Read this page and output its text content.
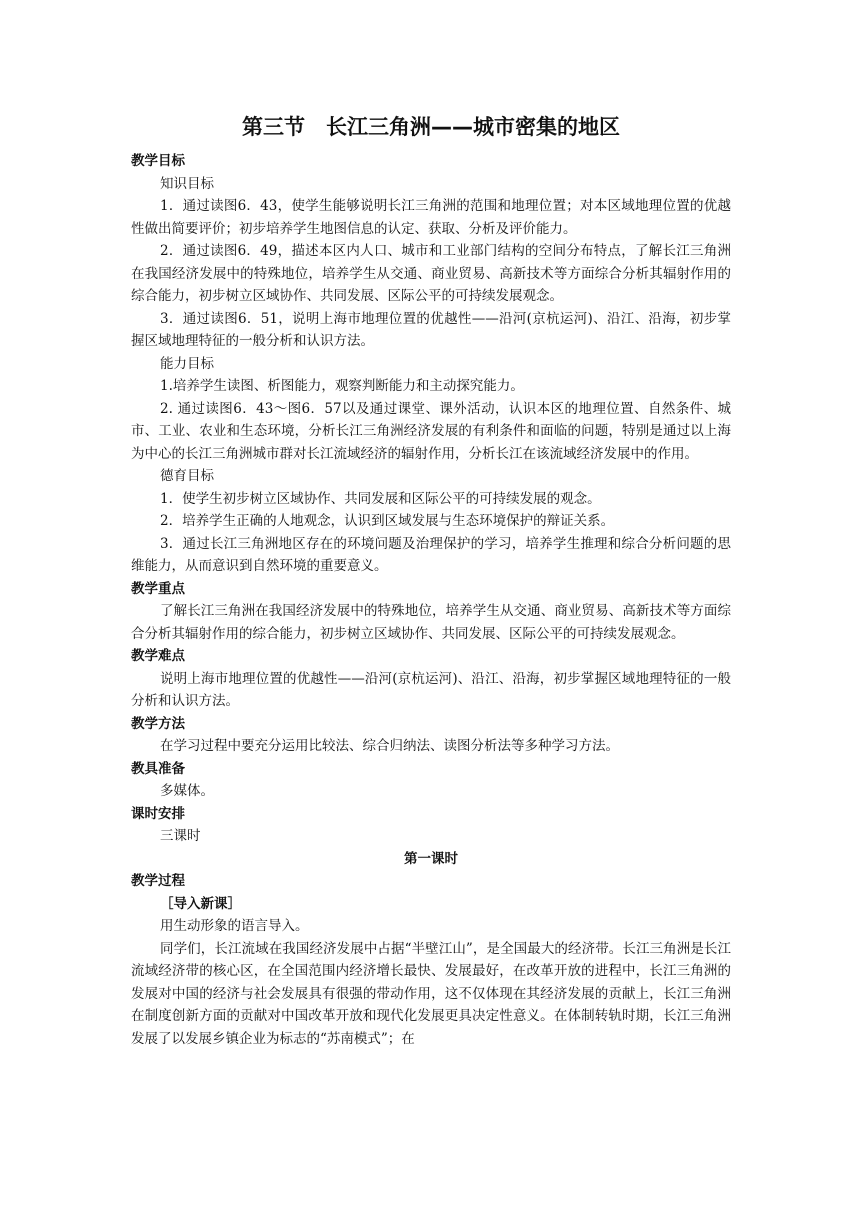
第三节　长江三角洲——城市密集的地区

教学目标

知识目标

1．通过读图6．43，使学生能够说明长江三角洲的范围和地理位置；对本区域地理位置的优越性做出简要评价；初步培养学生地图信息的认定、获取、分析及评价能力。

2．通过读图6．49，描述本区内人口、城市和工业部门结构的空间分布特点，了解长江三角洲在我国经济发展中的特殊地位，培养学生从交通、商业贸易、高新技术等方面综合分析其辐射作用的综合能力，初步树立区域协作、共同发展、区际公平的可持续发展观念。

3．通过读图6．51，说明上海市地理位置的优越性——沿河(京杭运河)、沿江、沿海，初步掌握区域地理特征的一般分析和认识方法。

能力目标

1.培养学生读图、析图能力，观察判断能力和主动探究能力。

2. 通过读图6．43～图6．57以及通过课堂、课外活动，认识本区的地理位置、自然条件、城市、工业、农业和生态环境，分析长江三角洲经济发展的有利条件和面临的问题，特别是通过以上海为中心的长江三角洲城市群对长江流域经济的辐射作用，分析长江在该流域经济发展中的作用。

德育目标

1．使学生初步树立区域协作、共同发展和区际公平的可持续发展的观念。

2．培养学生正确的人地观念，认识到区域发展与生态环境保护的辩证关系。

3．通过长江三角洲地区存在的环境问题及治理保护的学习，培养学生推理和综合分析问题的思维能力，从而意识到自然环境的重要意义。

教学重点

了解长江三角洲在我国经济发展中的特殊地位，培养学生从交通、商业贸易、高新技术等方面综合分析其辐射作用的综合能力，初步树立区域协作、共同发展、区际公平的可持续发展观念。

教学难点

说明上海市地理位置的优越性——沿河(京杭运河)、沿江、沿海，初步掌握区域地理特征的一般分析和认识方法。

教学方法

在学习过程中要充分运用比较法、综合归纳法、读图分析法等多种学习方法。

教具准备

多媒体。

课时安排

三课时

第一课时

教学过程

［导入新课］

用生动形象的语言导入。

同学们，长江流域在我国经济发展中占据“半壁江山”，是全国最大的经济带。长江三角洲是长江流域经济带的核心区，在全国范围内经济增长最快、发展最好，在改革开放的进程中，长江三角洲的发展对中国的经济与社会发展具有很强的带动作用，这不仅体现在其经济发展的贡献上，长江三角洲在制度创新方面的贡献对中国改革开放和现代化发展更具决定性意义。在体制转轨时期，长江三角洲发展了以发展乡镇企业为标志的“苏南模式”；在
